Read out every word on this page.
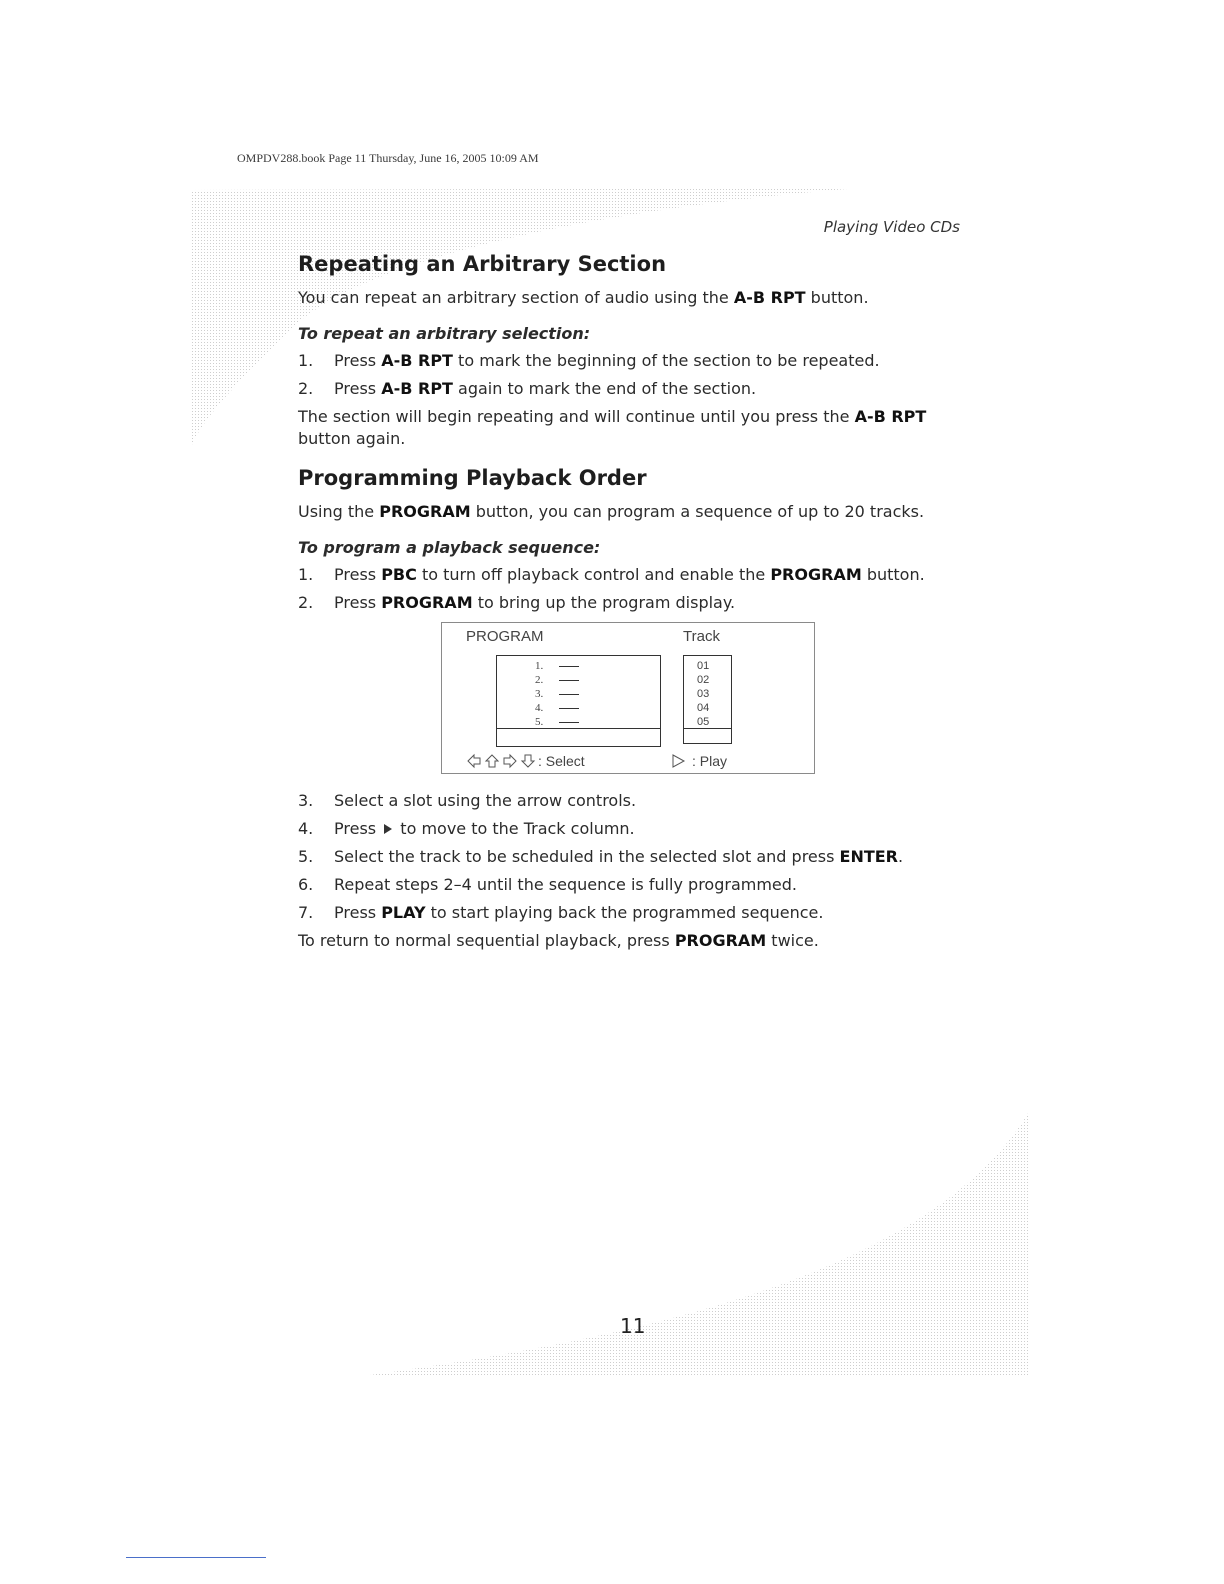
OMPDV288.book Page 11 Thursday, June 16, 2005 10:09 AM
Playing Video CDs
Repeating an Arbitrary Section

You can repeat an arbitrary section of audio using the A-B RPT button.

To repeat an arbitrary selection:
1. Press A-B RPT to mark the beginning of the section to be repeated.
2. Press A-B RPT again to mark the end of the section.

The section will begin repeating and will continue until you press the A-B RPT button again.

Programming Playback Order

Using the PROGRAM button, you can program a sequence of up to 20 tracks.

To program a playback sequence:
1. Press PBC to turn off playback control and enable the PROGRAM button.
2. Press PROGRAM to bring up the program display.
PROGRAM	Track
1.
2.
3.
4.
5.
01
02
03
04
05
: Select	: Play
3. Select a slot using the arrow controls.
4. Press  to move to the Track column.
5. Select the track to be scheduled in the selected slot and press ENTER.
6. Repeat steps 2–4 until the sequence is fully programmed.
7. Press PLAY to start playing back the programmed sequence.

To return to normal sequential playback, press PROGRAM twice.

11
